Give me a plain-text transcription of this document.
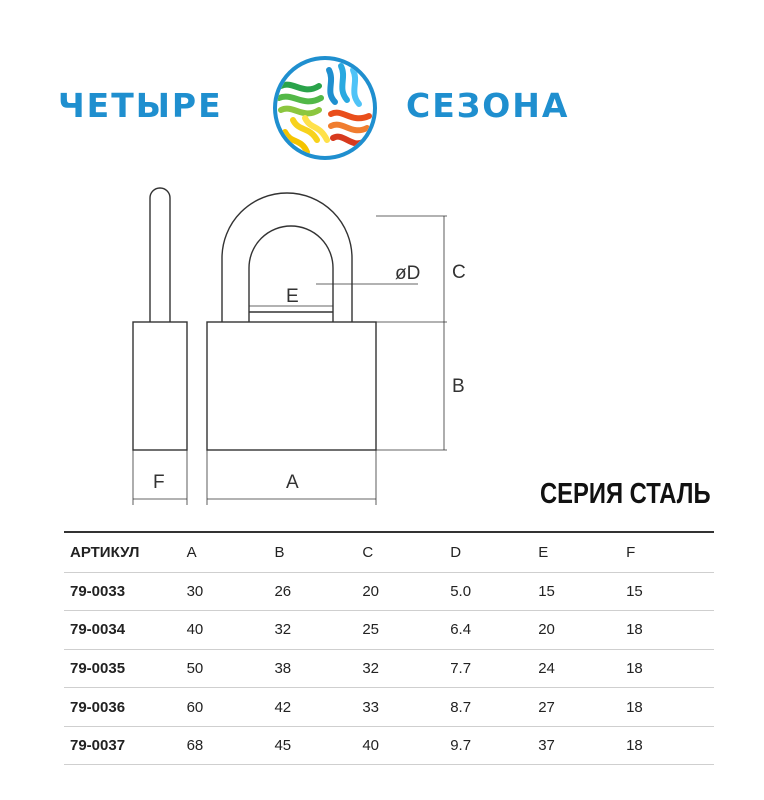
ЧЕТЫРЕ	СЕЗОНА
C
B
øD
E
F	A	СЕРИЯ СТАЛЬ
АРТИКУЛ	A	B	C	D	E	F
79-0033	30	26	20	5.0	15	15
79-0034	40	32	25	6.4	20	18
79-0035	50	38	32	7.7	24	18
79-0036	60	42	33	8.7	27	18
79-0037	68	45	40	9.7	37	18
